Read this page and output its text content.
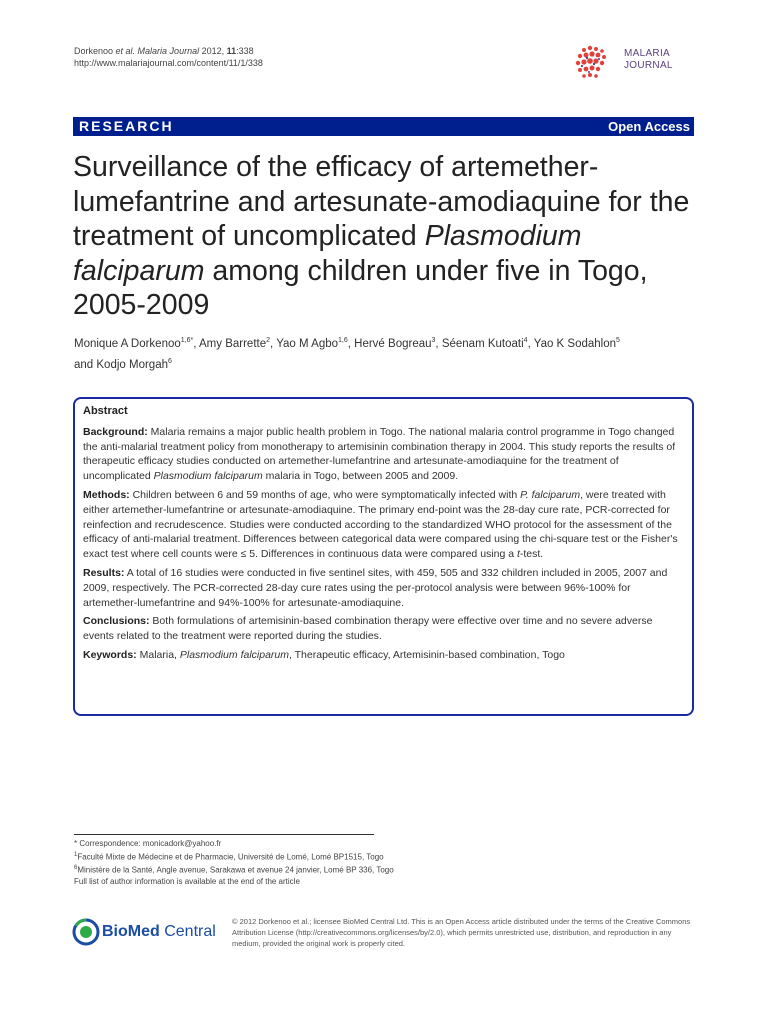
Dorkenoo et al. Malaria Journal 2012, 11:338
http://www.malariajournal.com/content/11/1/338
MALARIA
JOURNAL
RESEARCH	Open Access
Surveillance of the efficacy of artemether-lumefantrine and artesunate-amodiaquine for the treatment of uncomplicated Plasmodium falciparum among children under five in Togo, 2005-2009
Monique A Dorkenoo$^{1,6*}$, Amy Barrette$^2$, Yao M Agbo$^{1,6}$, Hervé Bogreau$^3$, Séenam Kutoati$^4$, Yao K Sodahlon$^5$
and Kodjo Morgah$^6$
Abstract

Background: Malaria remains a major public health problem in Togo. The national malaria control programme in Togo changed the anti-malarial treatment policy from monotherapy to artemisinin combination therapy in 2004. This study reports the results of therapeutic efficacy studies conducted on artemether-lumefantrine and artesunate-amodiaquine for the treatment of uncomplicated Plasmodium falciparum malaria in Togo, between 2005 and 2009.

Methods: Children between 6 and 59 months of age, who were symptomatically infected with P. falciparum, were treated with either artemether-lumefantrine or artesunate-amodiaquine. The primary end-point was the 28-day cure rate, PCR-corrected for reinfection and recrudescence. Studies were conducted according to the standardized WHO protocol for the assessment of the efficacy of anti-malarial treatment. Differences between categorical data were compared using the chi-square test or the Fisher's exact test where cell counts were ≤ 5. Differences in continuous data were compared using a t-test.

Results: A total of 16 studies were conducted in five sentinel sites, with 459, 505 and 332 children included in 2005, 2007 and 2009, respectively. The PCR-corrected 28-day cure rates using the per-protocol analysis were between 96%-100% for artemether-lumefantrine and 94%-100% for artesunate-amodiaquine.

Conclusions: Both formulations of artemisinin-based combination therapy were effective over time and no severe adverse events related to the treatment were reported during the studies.

Keywords: Malaria, Plasmodium falciparum, Therapeutic efficacy, Artemisinin-based combination, Togo

* Correspondence: monicadork@yahoo.fr
$^1$Faculté Mixte de Médecine et de Pharmacie, Université de Lomé, Lomé BP1515, Togo
$^6$Ministère de la Santé, Angle avenue, Sarakawa et avenue 24 janvier, Lomé BP 336, Togo
Full list of author information is available at the end of the article
BioMed Central
© 2012 Dorkenoo et al.; licensee BioMed Central Ltd. This is an Open Access article distributed under the terms of the Creative Commons Attribution License (http://creativecommons.org/licenses/by/2.0), which permits unrestricted use, distribution, and reproduction in any medium, provided the original work is properly cited.
